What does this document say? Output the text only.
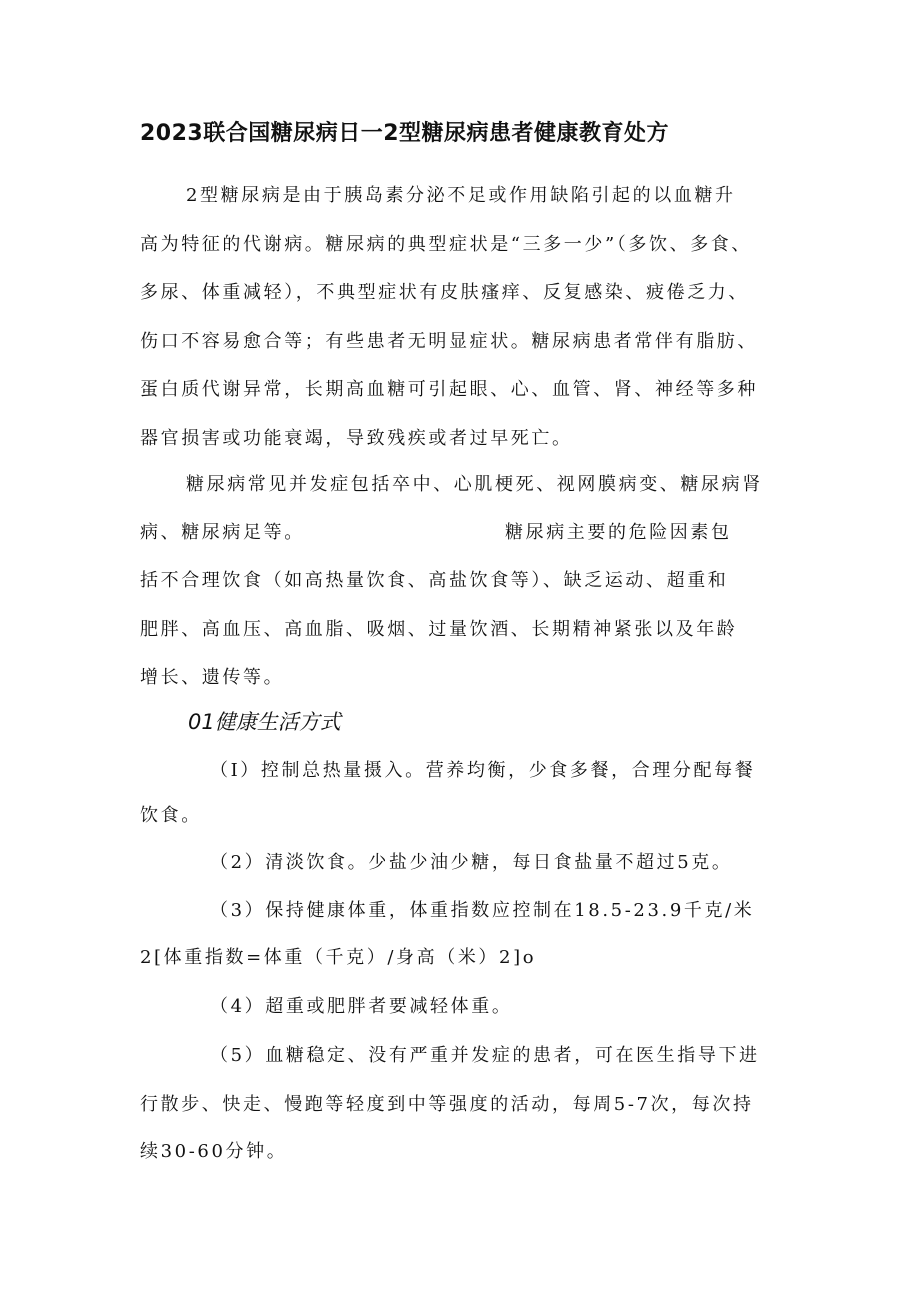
2023联合国糖尿病日一2型糖尿病患者健康教育处方
2型糖尿病是由于胰岛素分泌不足或作用缺陷引起的以血糖升
高为特征的代谢病。糖尿病的典型症状是“三多一少”（多饮、多食、
多尿、体重减轻），不典型症状有皮肤瘙痒、反复感染、疲倦乏力、
伤口不容易愈合等；有些患者无明显症状。糖尿病患者常伴有脂肪、
蛋白质代谢异常，长期高血糖可引起眼、心、血管、肾、神经等多种
器官损害或功能衰竭，导致残疾或者过早死亡。
糖尿病常见并发症包括卒中、心肌梗死、视网膜病变、糖尿病肾
病、糖尿病足等。	糖尿病主要的危险因素包
括不合理饮食（如高热量饮食、高盐饮食等）、缺乏运动、超重和
肥胖、高血压、高血脂、吸烟、过量饮酒、长期精神紧张以及年龄
增长、遗传等。
01健康生活方式
（I）控制总热量摄入。营养均衡，少食多餐，合理分配每餐
饮食。
（2）清淡饮食。少盐少油少糖，每日食盐量不超过5克。
（3）保持健康体重，体重指数应控制在18.5-23.9千克/米
2[体重指数=体重（千克）/身高（米）2]o
（4）超重或肥胖者要减轻体重。
（5）血糖稳定、没有严重并发症的患者，可在医生指导下进
行散步、快走、慢跑等轻度到中等强度的活动，每周5-7次，每次持
续30-60分钟。
